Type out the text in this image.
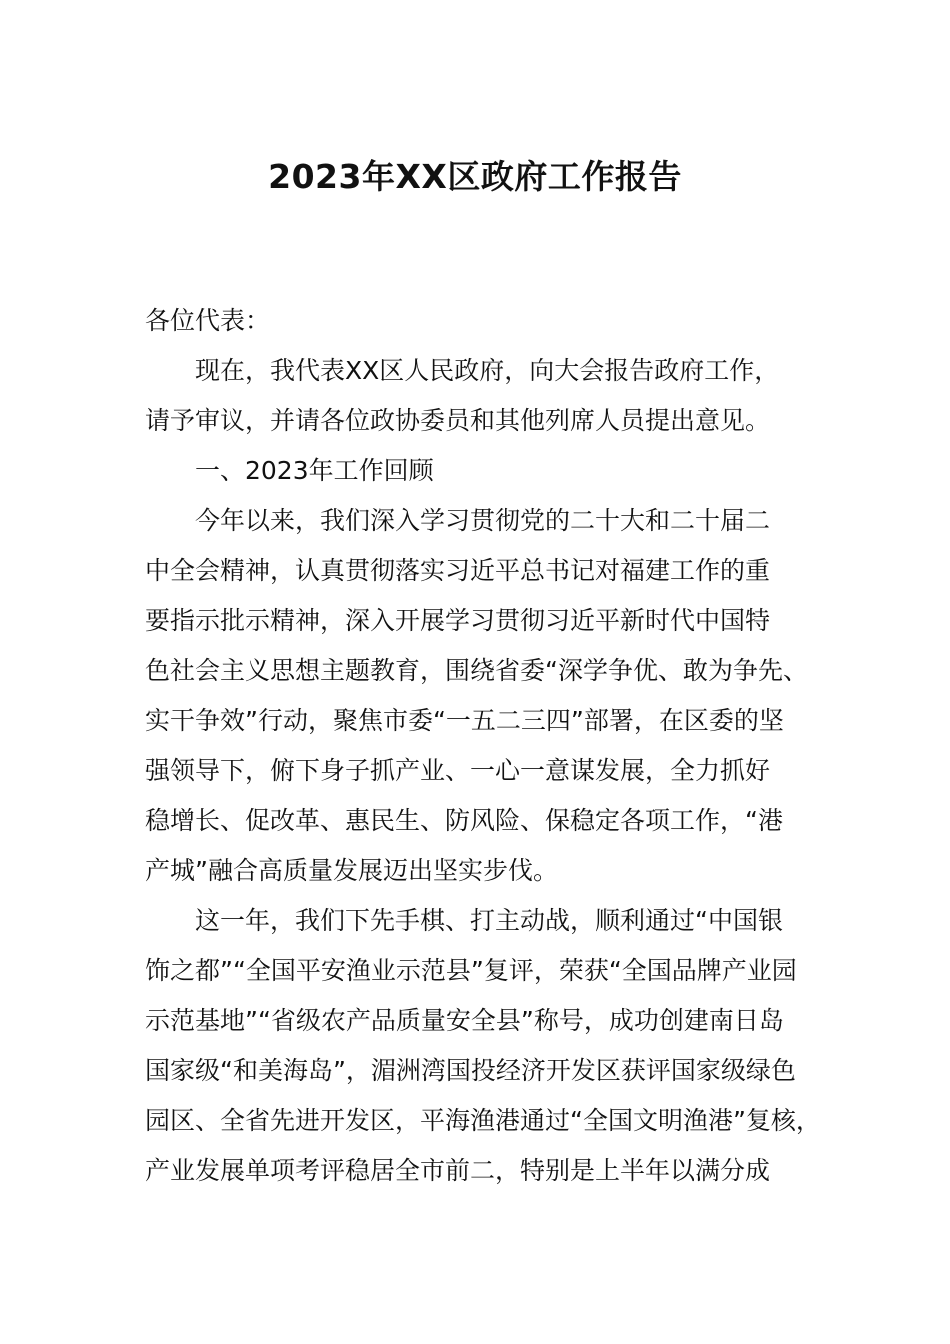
2023年XX区政府工作报告
各位代表：
现在，我代表XX区人民政府，向大会报告政府工作，
请予审议，并请各位政协委员和其他列席人员提出意见。
一、2023年工作回顾
今年以来，我们深入学习贯彻党的二十大和二十届二
中全会精神，认真贯彻落实习近平总书记对福建工作的重
要指示批示精神，深入开展学习贯彻习近平新时代中国特
色社会主义思想主题教育，围绕省委“深学争优、敢为争先、
实干争效”行动，聚焦市委“一五二三四”部署，在区委的坚
强领导下，俯下身子抓产业、一心一意谋发展，全力抓好
稳增长、促改革、惠民生、防风险、保稳定各项工作，“港
产城”融合高质量发展迈出坚实步伐。
这一年，我们下先手棋、打主动战，顺利通过“中国银
饰之都”“全国平安渔业示范县”复评，荣获“全国品牌产业园
示范基地”“省级农产品质量安全县”称号，成功创建南日岛
国家级“和美海岛”，湄洲湾国投经济开发区获评国家级绿色
园区、全省先进开发区，平海渔港通过“全国文明渔港”复核，
产业发展单项考评稳居全市前二，特别是上半年以满分成
